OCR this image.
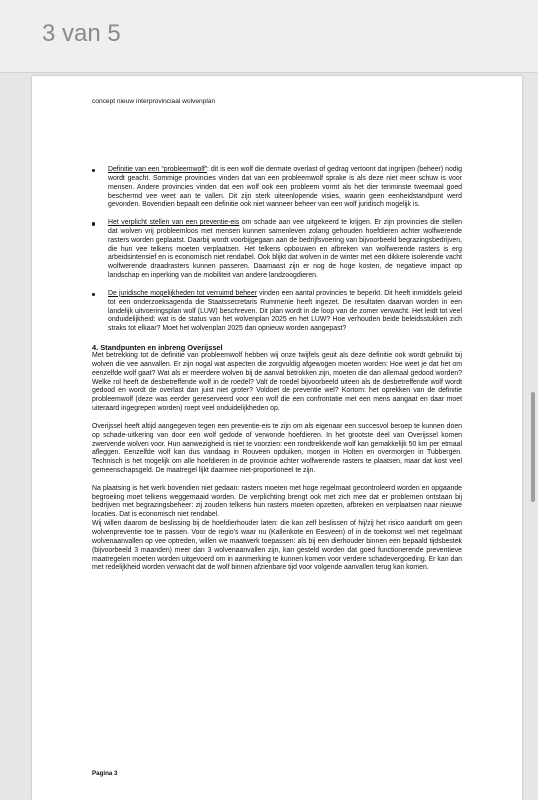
3 van 5
concept nieuw interprovinciaal wolvenplan
Definitie van een “probleemwolf”: dit is een wolf die dermate overlast of gedrag vertoont dat ingrijpen (beheer) nodig wordt geacht. Sommige provincies vinden dat van een probleemwolf sprake is als deze niet meer schuw is voor mensen. Andere provincies vinden dat een wolf ook een probleem vormt als het dier tenminste tweemaal goed beschermd vee weet aan te vallen. Dit zijn sterk uiteenlopende visies, waarin geen eenheidstandpunt werd gevonden. Bovendien bepaalt een definitie ook niet wanneer beheer van een wolf juridisch mogelijk is.
Het verplicht stellen van een preventie-eis om schade aan vee uitgekeerd te krijgen. Er zijn provincies die stellen dat wolven vrij probleemloos met mensen kunnen samenleven zolang gehouden hoefdieren achter wolfwerende rasters worden geplaatst. Daarbij wordt voorbijgegaan aan de bedrijfsvoering van bijvoorbeeld begrazingsbedrijven, die hun vee telkens moeten verplaatsen. Het telkens opbouwen en afbreken van wolfwerende rasters is erg arbeidsintensief en is economisch niet rendabel. Ook blijkt dat wolven in de winter met een dikkere isolerende vacht wolfwerende draadrasters kunnen passeren. Daarnaast zijn er nog de hoge kosten, de negatieve impact op landschap en inperking van de mobiliteit van andere landzoogdieren.
De juridische mogelijkheden tot verruimd beheer vinden een aantal provincies te beperkt. Dit heeft inmiddels geleid tot een onderzoeksagenda die Staatssecretaris Rummenie heeft ingezet. De resultaten daarvan worden in een landelijk uitvoeringsplan wolf (LUW) beschreven. Dit plan wordt in de loop van de zomer verwacht. Het leidt tot veel onduidelijkheid: wat is de status van het wolvenplan 2025 en het LUW? Hoe verhouden beide beleidsstukken zich straks tot elkaar? Moet het wolvenplan 2025 dan opnieuw worden aangepast?
4. Standpunten en inbreng Overijssel

Met betrekking tot de definitie van probleemwolf hebben wij onze twijfels geuit als deze definitie ook wordt gebruikt bij wolven die vee aanvallen. Er zijn nogal wat aspecten die zorgvuldig afgewogen moeten worden: Hoe weet je dat het om eenzelfde wolf gaat? Wat als er meerdere wolven bij de aanval betrokken zijn, moeten die dan allemaal gedood worden? Welke rol heeft de desbetreffende wolf in de roedel? Valt de roedel bijvoorbeeld uiteen als de desbetreffende wolf wordt gedood en wordt de overlast dan juist niet groter? Voldoet de preventie wel? Kortom: het oprekken van de definitie probleemwolf (deze was eerder gereserveerd voor een wolf die een confrontatie met een mens aangaat en daar moet uiteraard ingegrepen worden) roept veel onduidelijkheden op.

Overijssel heeft altijd aangegeven tegen een preventie-eis te zijn om als eigenaar een succesvol beroep te kunnen doen op schade-uitkering van door een wolf gedode of verwonde hoefdieren. In het grootste deel van Overijssel komen zwervende wolven voor. Hun aanwezigheid is niet te voorzien: een rondtrekkende wolf kan gemakkelijk 50 km per etmaal afleggen. Eenzelfde wolf kan dus vandaag in Rouveen opduiken, morgen in Holten en overmorgen in Tubbergen. Technisch is het mogelijk om alle hoefdieren in de provincie achter wolfwerende rasters te plaatsen, maar dat kost veel gemeenschapsgeld. De maatregel lijkt daarmee niet-proportioneel te zijn.

Na plaatsing is het werk bovendien niet gedaan: rasters moeten met hoge regelmaat gecontroleerd worden en opgaande begroeiing moet telkens weggemaaid worden. De verplichting brengt ook met zich mee dat er problemen ontstaan bij bedrijven met begrazingsbeheer: zij zouden telkens hun rasters moeten opzetten, afbreken en verplaatsen naar nieuwe locaties. Dat is economisch niet rendabel.

Wij willen daarom de beslissing bij de hoefdierhouder laten: die kan zelf beslissen of hij/zij het risico aandurft om geen wolvenpreventie toe te passen. Voor de regio’s waar nu (Kallenkote en Eesveen) of in de toekomst wel met regelmaat wolvenaanvallen op vee optreden, willen we maatwerk toepassen: als bij een dierhouder binnen een bepaald tijdsbestek (bijvoorbeeld 3 maanden) meer dan 3 wolvenaanvallen zijn, kan gesteld worden dat goed functionerende preventieve maatregelen moeten worden uitgevoerd om in aanmerking te kunnen komen voor verdere schadevergoeding. Er kan dan met redelijkheid worden verwacht dat de wolf binnen afzienbare tijd voor volgende aanvallen terug kan komen.

Pagina 3
